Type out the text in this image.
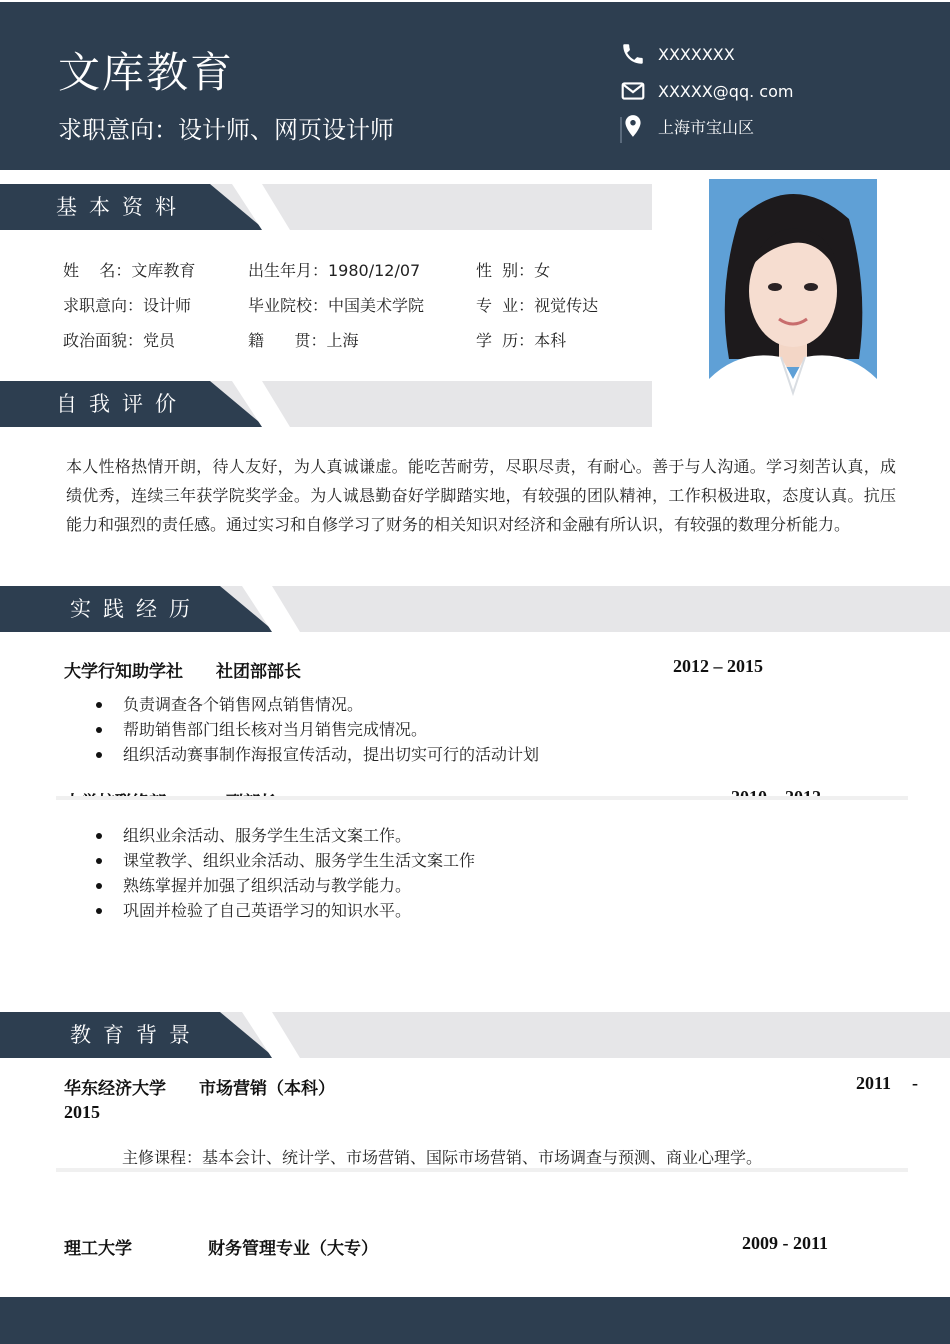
文库教育
求职意向：设计师、网页设计师
XXXXXXX
XXXXX@qq. com
上海市宝山区
基本资料
姓    名：文库教育	出生年月：1980/12/07	性  别：女
求职意向：设计师	毕业院校：中国美术学院	专  业：视觉传达
政治面貌：党员	籍      贯：上海	学  历：本科
自我评价
本人性格热情开朗，待人友好，为人真诚谦虚。能吃苦耐劳，尽职尽责，有耐心。善于与人沟通。学习刻苦认真，成绩优秀，连续三年获学院奖学金。为人诚恳勤奋好学脚踏实地，有较强的团队精神，工作积极进取，态度认真。抗压能力和强烈的责任感。通过实习和自修学习了财务的相关知识对经济和金融有所认识，有较强的数理分析能力。
实践经历
大学行知助学社 社团部部长	2012 – 2015
负责调查各个销售网点销售情况。
帮助销售部门组长核对当月销售完成情况。
组织活动赛事制作海报宣传活动，提出切实可行的活动计划
组织业余活动、服务学生生活文案工作。
课堂教学、组织业余活动、服务学生生活文案工作
熟练掌握并加强了组织活动与教学能力。
巩固并检验了自己英语学习的知识水平。
教育背景
华东经济大学 市场营销（本科）	2011 -
2015
主修课程：基本会计、统计学、市场营销、国际市场营销、市场调查与预测、商业心理学。
理工大学	财务管理专业（大专）	2009 - 2011
